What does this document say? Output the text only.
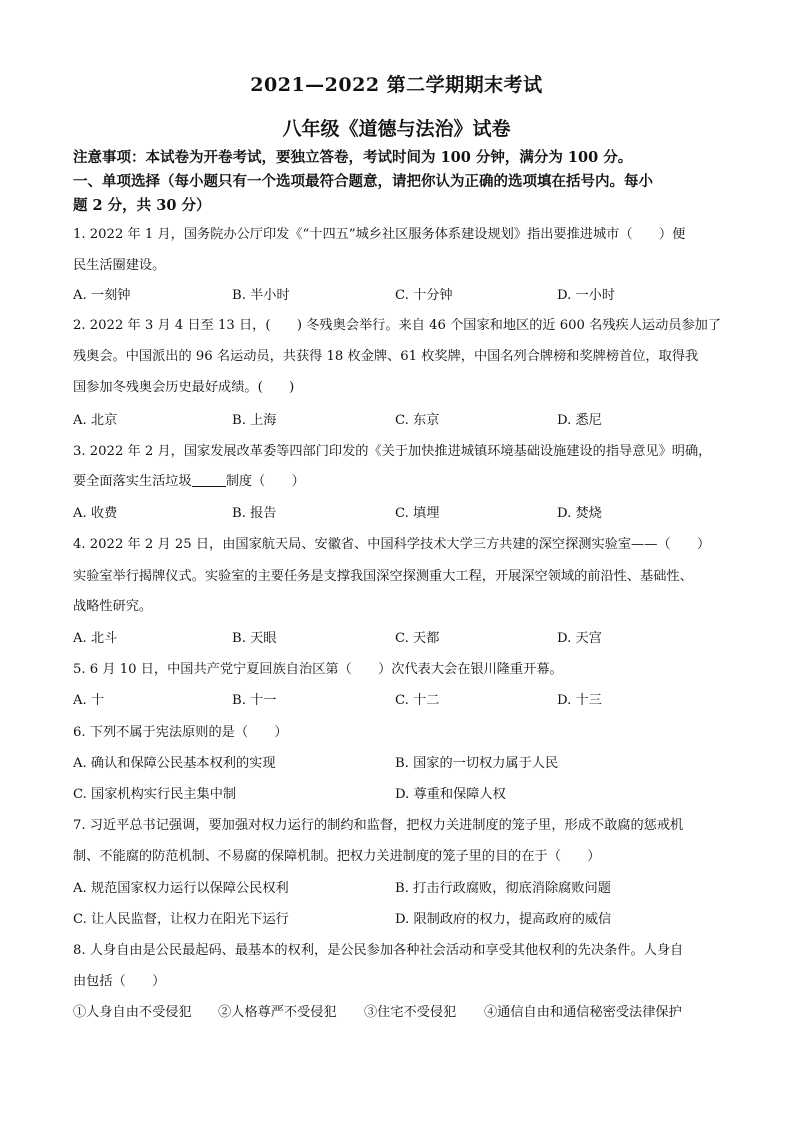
2021—2022 第二学期期末考试
八年级《道德与法治》试卷
注意事项：本试卷为开卷考试，要独立答卷，考试时间为 100 分钟，满分为 100 分。
一、单项选择（每小题只有一个选项最符合题意，请把你认为正确的选项填在括号内。每小
题 2 分，共 30 分）
1. 2022 年 1 月，国务院办公厅印发《“十四五”城乡社区服务体系建设规划》指出要推进城市（　　）便
民生活圈建设。
A. 一刻钟	B. 半小时	C. 十分钟	D. 一小时
2. 2022 年 3 月 4 日至 13 日，(　　) 冬残奥会举行。来自 46 个国家和地区的近 600 名残疾人运动员参加了
残奥会。中国派出的 96 名运动员，共获得 18 枚金牌、61 枚奖牌，中国名列合牌榜和奖牌榜首位，取得我
国参加冬残奥会历史最好成绩。(　　)
A. 北京	B. 上海	C. 东京	D. 悉尼
3. 2022 年 2 月，国家发展改革委等四部门印发的《关于加快推进城镇环境基础设施建设的指导意见》明确，
要全面落实生活垃圾	制度（　　）
A. 收费	B. 报告	C. 填埋	D. 焚烧
4. 2022 年 2 月 25 日，由国家航天局、安徽省、中国科学技术大学三方共建的深空探测实验室——（　　）
实验室举行揭牌仪式。实验室的主要任务是支撑我国深空探测重大工程，开展深空领域的前沿性、基础性、
战略性研究。
A. 北斗	B. 天眼	C. 天都	D. 天宫
5. 6 月 10 日，中国共产党宁夏回族自治区第（　　）次代表大会在银川隆重开幕。
A. 十	B. 十一	C. 十二	D. 十三
6. 下列不属于宪法原则的是（　　）
A. 确认和保障公民基本权利的实现	B. 国家的一切权力属于人民
C. 国家机构实行民主集中制	D. 尊重和保障人权
7. 习近平总书记强调，要加强对权力运行的制约和监督，把权力关进制度的笼子里，形成不敢腐的惩戒机
制、不能腐的防范机制、不易腐的保障机制。把权力关进制度的笼子里的目的在于（　　）
A. 规范国家权力运行以保障公民权利	B. 打击行政腐败，彻底消除腐败问题
C. 让人民监督，让权力在阳光下运行	D. 限制政府的权力，提高政府的威信
8. 人身自由是公民最起码、最基本的权利，是公民参加各种社会活动和享受其他权利的先决条件。人身自
由包括（　　）
①人身自由不受侵犯 ②人格尊严不受侵犯 ③住宅不受侵犯 ④通信自由和通信秘密受法律保护
